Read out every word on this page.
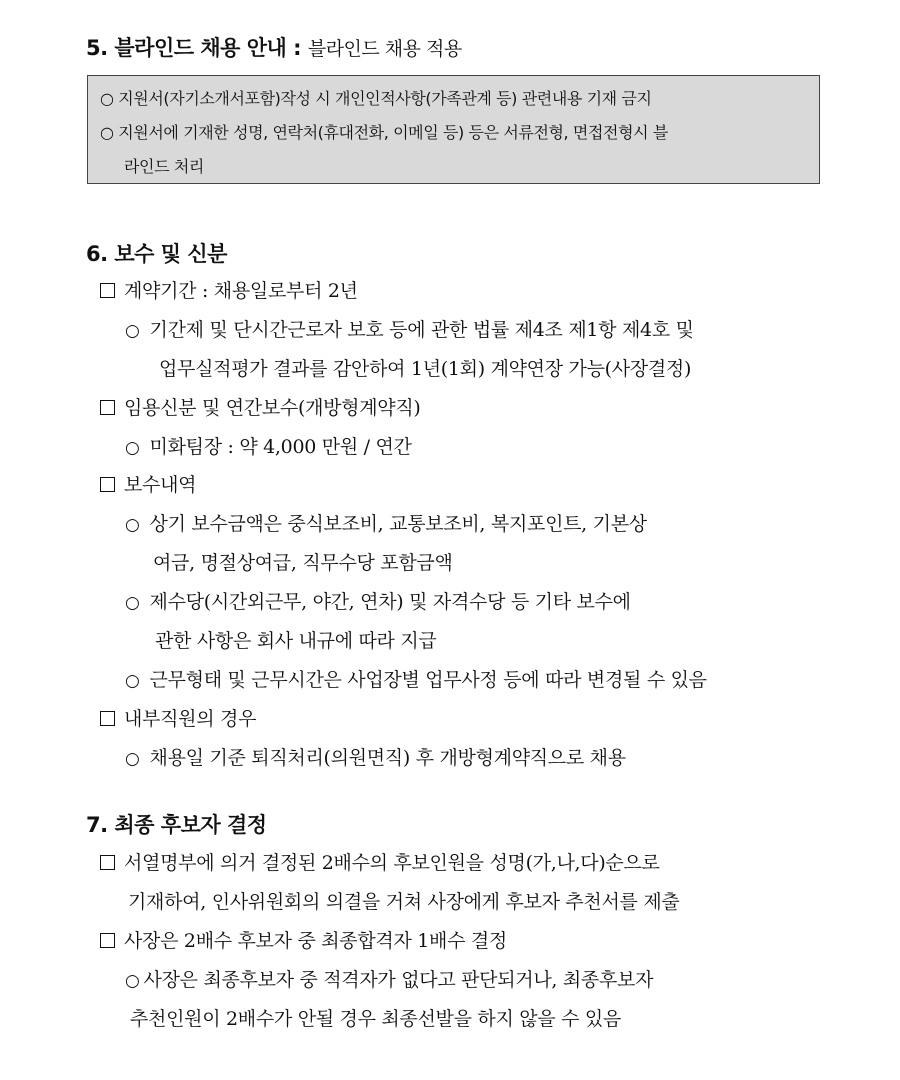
5. 블라인드 채용 안내 : 블라인드 채용 적용
○ 지원서(자기소개서포함)작성 시 개인인적사항(가족관계 등) 관련내용 기재 금지
○ 지원서에 기재한 성명, 연락처(휴대전화, 이메일 등) 등은 서류전형, 면접전형시 블
라인드 처리
6. 보수 및 신분
계약기간 : 채용일로부터 2년
○ 기간제 및 단시간근로자 보호 등에 관한 법률 제4조 제1항 제4호 및
업무실적평가 결과를 감안하여 1년(1회) 계약연장 가능(사장결정)
임용신분 및 연간보수(개방형계약직)
○ 미화팀장 : 약 4,000 만원 / 연간
보수내역
○ 상기 보수금액은 중식보조비, 교통보조비, 복지포인트, 기본상
여금, 명절상여급, 직무수당 포함금액
○ 제수당(시간외근무, 야간, 연차) 및 자격수당 등 기타 보수에
관한 사항은 회사 내규에 따라 지급
○ 근무형태 및 근무시간은 사업장별 업무사정 등에 따라 변경될 수 있음
내부직원의 경우
○ 채용일 기준 퇴직처리(의원면직) 후 개방형계약직으로 채용
7. 최종 후보자 결정
서열명부에 의거 결정된 2배수의 후보인원을 성명(가,나,다)순으로
기재하여, 인사위원회의 의결을 거쳐 사장에게 후보자 추천서를 제출
사장은 2배수 후보자 중 최종합격자 1배수 결정
○ 사장은 최종후보자 중 적격자가 없다고 판단되거나, 최종후보자
추천인원이 2배수가 안될 경우 최종선발을 하지 않을 수 있음
